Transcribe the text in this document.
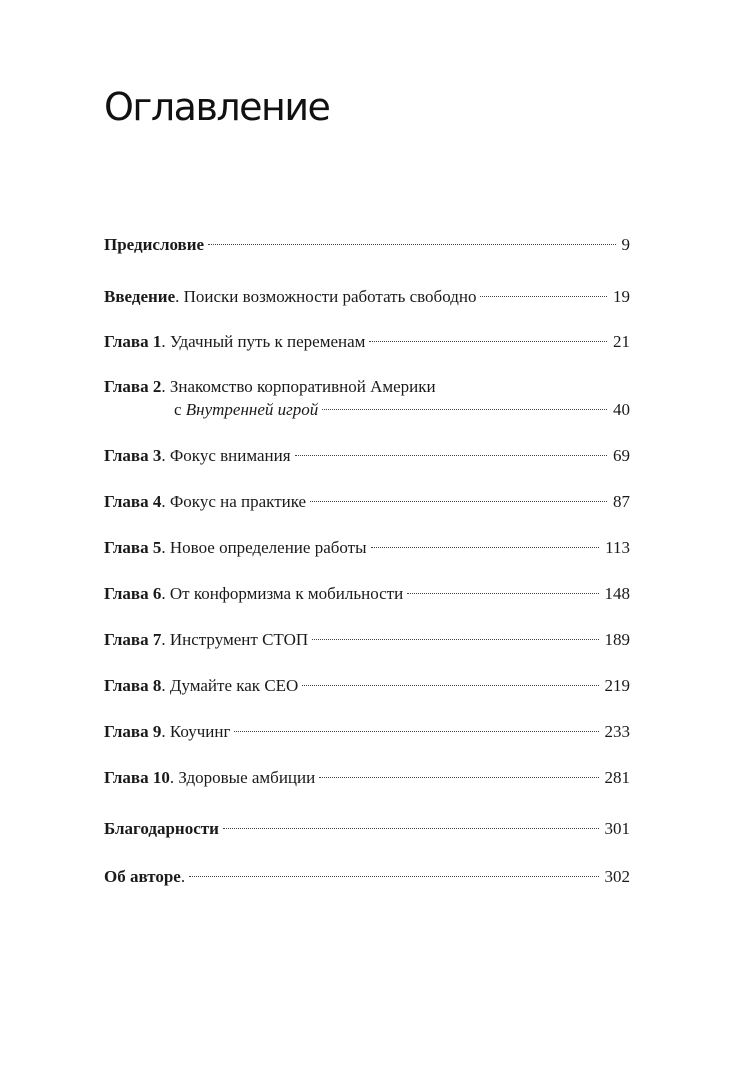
Оглавление
Предисловие	9
Введение. Поиски возможности работать свободно	19
Глава 1. Удачный путь к переменам	21
Глава 2. Знакомство корпоративной Америки
с Внутренней игрой	40
Глава 3. Фокус внимания	69
Глава 4. Фокус на практике	87
Глава 5. Новое определение работы	113
Глава 6. От конформизма к мобильности	148
Глава 7. Инструмент СТОП	189
Глава 8. Думайте как CEO	219
Глава 9. Коучинг	233
Глава 10. Здоровые амбиции	281
Благодарности	301
Об авторе.	302
